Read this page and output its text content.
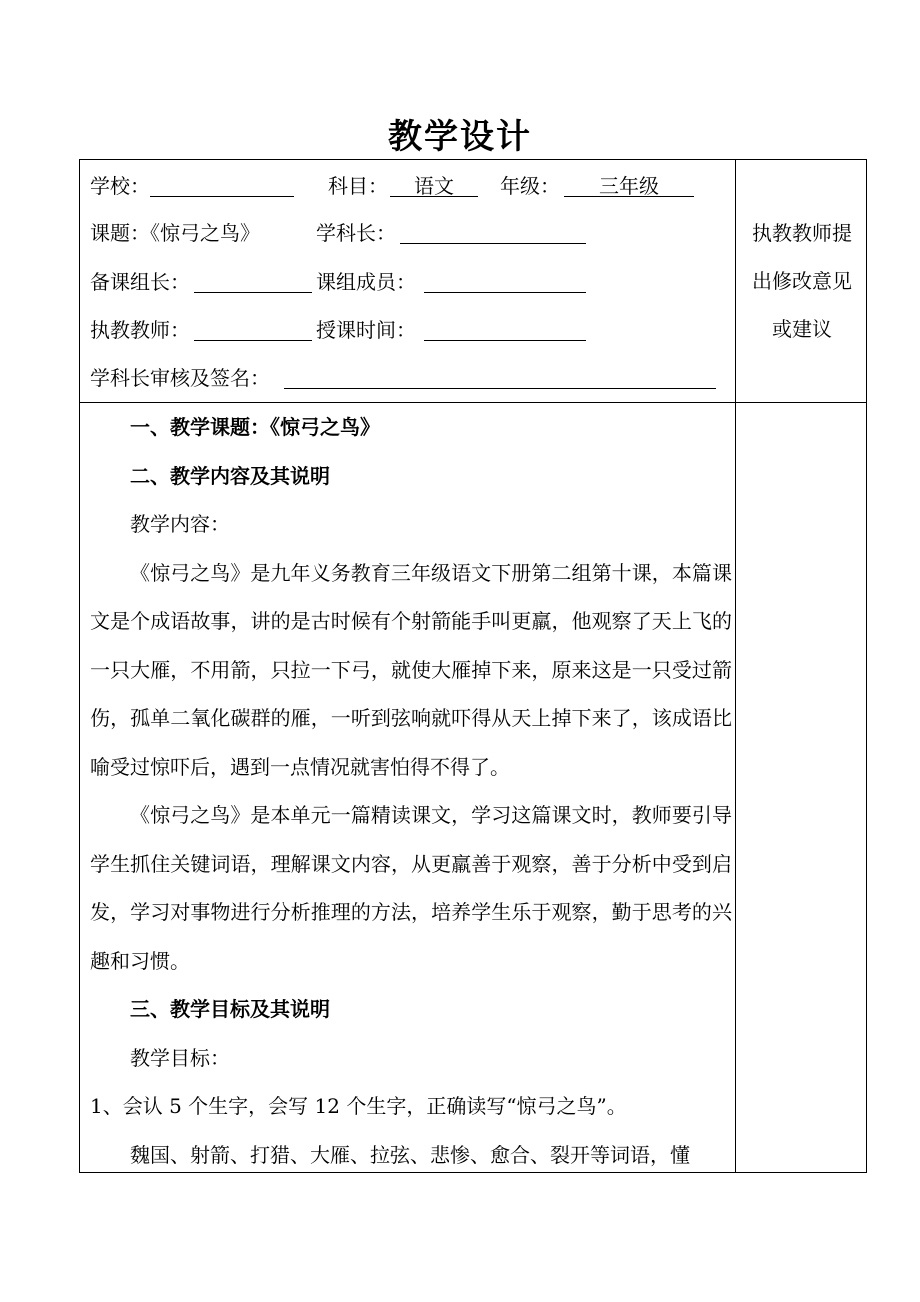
教学设计
学校：	科目：	语文	年级：	三年级
课题：《惊弓之鸟》	学科长：
备课组长：	课组成员：
执教教师：	授课时间：
学科长审核及签名：
执教教师提
出修改意见
或建议

一、教学课题：《惊弓之鸟》

二、教学内容及其说明

教学内容：

《惊弓之鸟》是九年义务教育三年级语文下册第二组第十课，本篇课文是个成语故事，讲的是古时候有个射箭能手叫更羸，他观察了天上飞的一只大雁，不用箭，只拉一下弓，就使大雁掉下来，原来这是一只受过箭伤，孤单二氧化碳群的雁，一听到弦响就吓得从天上掉下来了，该成语比喻受过惊吓后，遇到一点情况就害怕得不得了。

《惊弓之鸟》是本单元一篇精读课文，学习这篇课文时，教师要引导学生抓住关键词语，理解课文内容，从更羸善于观察，善于分析中受到启发，学习对事物进行分析推理的方法，培养学生乐于观察，勤于思考的兴趣和习惯。

三、教学目标及其说明

教学目标：

1、会认 5 个生字，会写 12 个生字，正确读写“惊弓之鸟”。

魏国、射箭、打猎、大雁、拉弦、悲惨、愈合、裂开等词语，懂
